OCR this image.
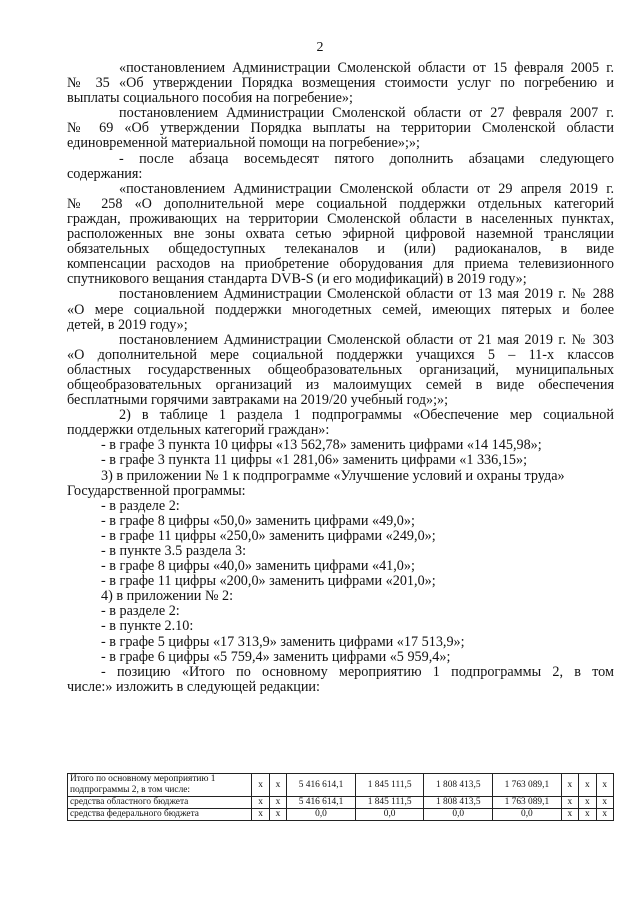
2
«постановлением Администрации Смоленской области от 15 февраля 2005 г.
№ 35 «Об утверждении Порядка возмещения стоимости услуг по погребению и
выплаты социального пособия на погребение»;
постановлением Администрации Смоленской области от 27 февраля 2007 г.
№ 69 «Об утверждении Порядка выплаты на территории Смоленской области
единовременной материальной помощи на погребение»;»;
- после абзаца восемьдесят пятого дополнить абзацами следующего
содержания:
«постановлением Администрации Смоленской области от 29 апреля 2019 г.
№ 258 «О дополнительной мере социальной поддержки отдельных категорий
граждан, проживающих на территории Смоленской области в населенных пунктах,
расположенных вне зоны охвата сетью эфирной цифровой наземной трансляции
обязательных общедоступных телеканалов и (или) радиоканалов, в виде
компенсации расходов на приобретение оборудования для приема телевизионного
спутникового вещания стандарта DVB-S (и его модификаций) в 2019 году»;
постановлением Администрации Смоленской области от 13 мая 2019 г. № 288
«О мере социальной поддержки многодетных семей, имеющих пятерых и более
детей, в 2019 году»;
постановлением Администрации Смоленской области от 21 мая 2019 г. № 303
«О дополнительной мере социальной поддержки учащихся 5 – 11-х классов
областных государственных общеобразовательных организаций, муниципальных
общеобразовательных организаций из малоимущих семей в виде обеспечения
бесплатными горячими завтраками на 2019/20 учебный год»;»;
2) в таблице 1 раздела 1 подпрограммы «Обеспечение мер социальной
поддержки отдельных категорий граждан»:
- в графе 3 пункта 10 цифры «13 562,78» заменить цифрами «14 145,98»;
- в графе 3 пункта 11 цифры «1 281,06» заменить цифрами «1 336,15»;
3) в приложении № 1 к подпрограмме «Улучшение условий и охраны труда»
Государственной программы:
- в разделе 2:
- в графе 8 цифры «50,0» заменить цифрами «49,0»;
- в графе 11 цифры «250,0» заменить цифрами «249,0»;
- в пункте 3.5 раздела 3:
- в графе 8 цифры «40,0» заменить цифрами «41,0»;
- в графе 11 цифры «200,0» заменить цифрами «201,0»;
4) в приложении № 2:
- в разделе 2:
- в пункте 2.10:
- в графе 5 цифры «17 313,9» заменить цифрами «17 513,9»;
- в графе 6 цифры «5 759,4» заменить цифрами «5 959,4»;
- позицию «Итого по основному мероприятию 1 подпрограммы 2, в том
числе:» изложить в следующей редакции:
Итого по основному мероприятию 1 подпрограммы 2, в том числе:	x	x	5 416 614,1	1 845 111,5	1 808 413,5	1 763 089,1	x	x	x
средства областного бюджета	x	x	5 416 614,1	1 845 111,5	1 808 413,5	1 763 089,1	x	x	x
средства федерального бюджета	x	x	0,0	0,0	0,0	0,0	x	x	x
